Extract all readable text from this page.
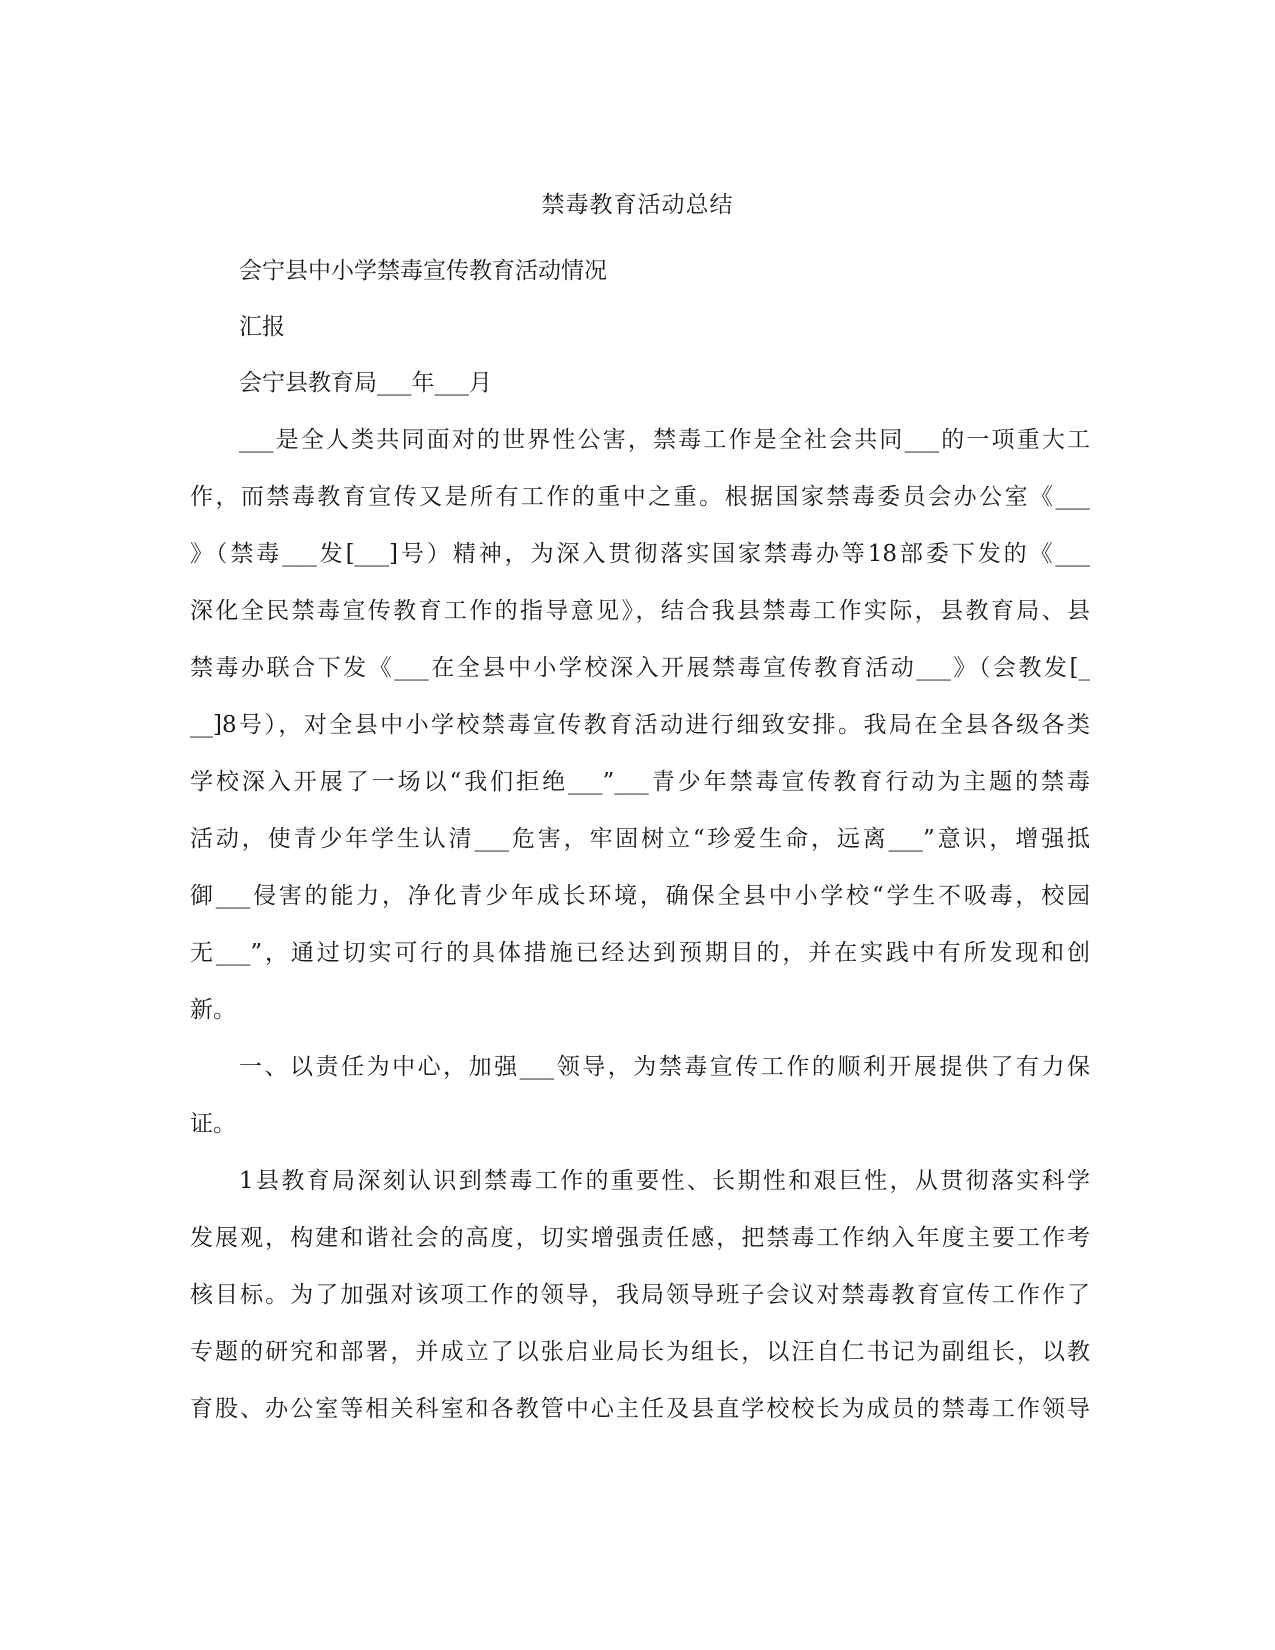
禁毒教育活动总结
会宁县中小学禁毒宣传教育活动情况
汇报
会宁县教育局___年___月
___是全人类共同面对的世界性公害，禁毒工作是全社会共同___的一项重大工
作，而禁毒教育宣传又是所有工作的重中之重。根据国家禁毒委员会办公室《___
》（禁毒___发[___]号）精神，为深入贯彻落实国家禁毒办等18部委下发的《___
深化全民禁毒宣传教育工作的指导意见》，结合我县禁毒工作实际，县教育局、县
禁毒办联合下发《___在全县中小学校深入开展禁毒宣传教育活动___》（会教发[_
__]8号），对全县中小学校禁毒宣传教育活动进行细致安排。我局在全县各级各类
学校深入开展了一场以“我们拒绝___”___青少年禁毒宣传教育行动为主题的禁毒
活动，使青少年学生认清___危害，牢固树立“珍爱生命，远离___”意识，增强抵
御___侵害的能力，净化青少年成长环境，确保全县中小学校“学生不吸毒，校园
无___”，通过切实可行的具体措施已经达到预期目的，并在实践中有所发现和创
新。
一、以责任为中心，加强___领导，为禁毒宣传工作的顺利开展提供了有力保
证。
1县教育局深刻认识到禁毒工作的重要性、长期性和艰巨性，从贯彻落实科学
发展观，构建和谐社会的高度，切实增强责任感，把禁毒工作纳入年度主要工作考
核目标。为了加强对该项工作的领导，我局领导班子会议对禁毒教育宣传工作作了
专题的研究和部署，并成立了以张启业局长为组长，以汪自仁书记为副组长，以教
育股、办公室等相关科室和各教管中心主任及县直学校校长为成员的禁毒工作领导
